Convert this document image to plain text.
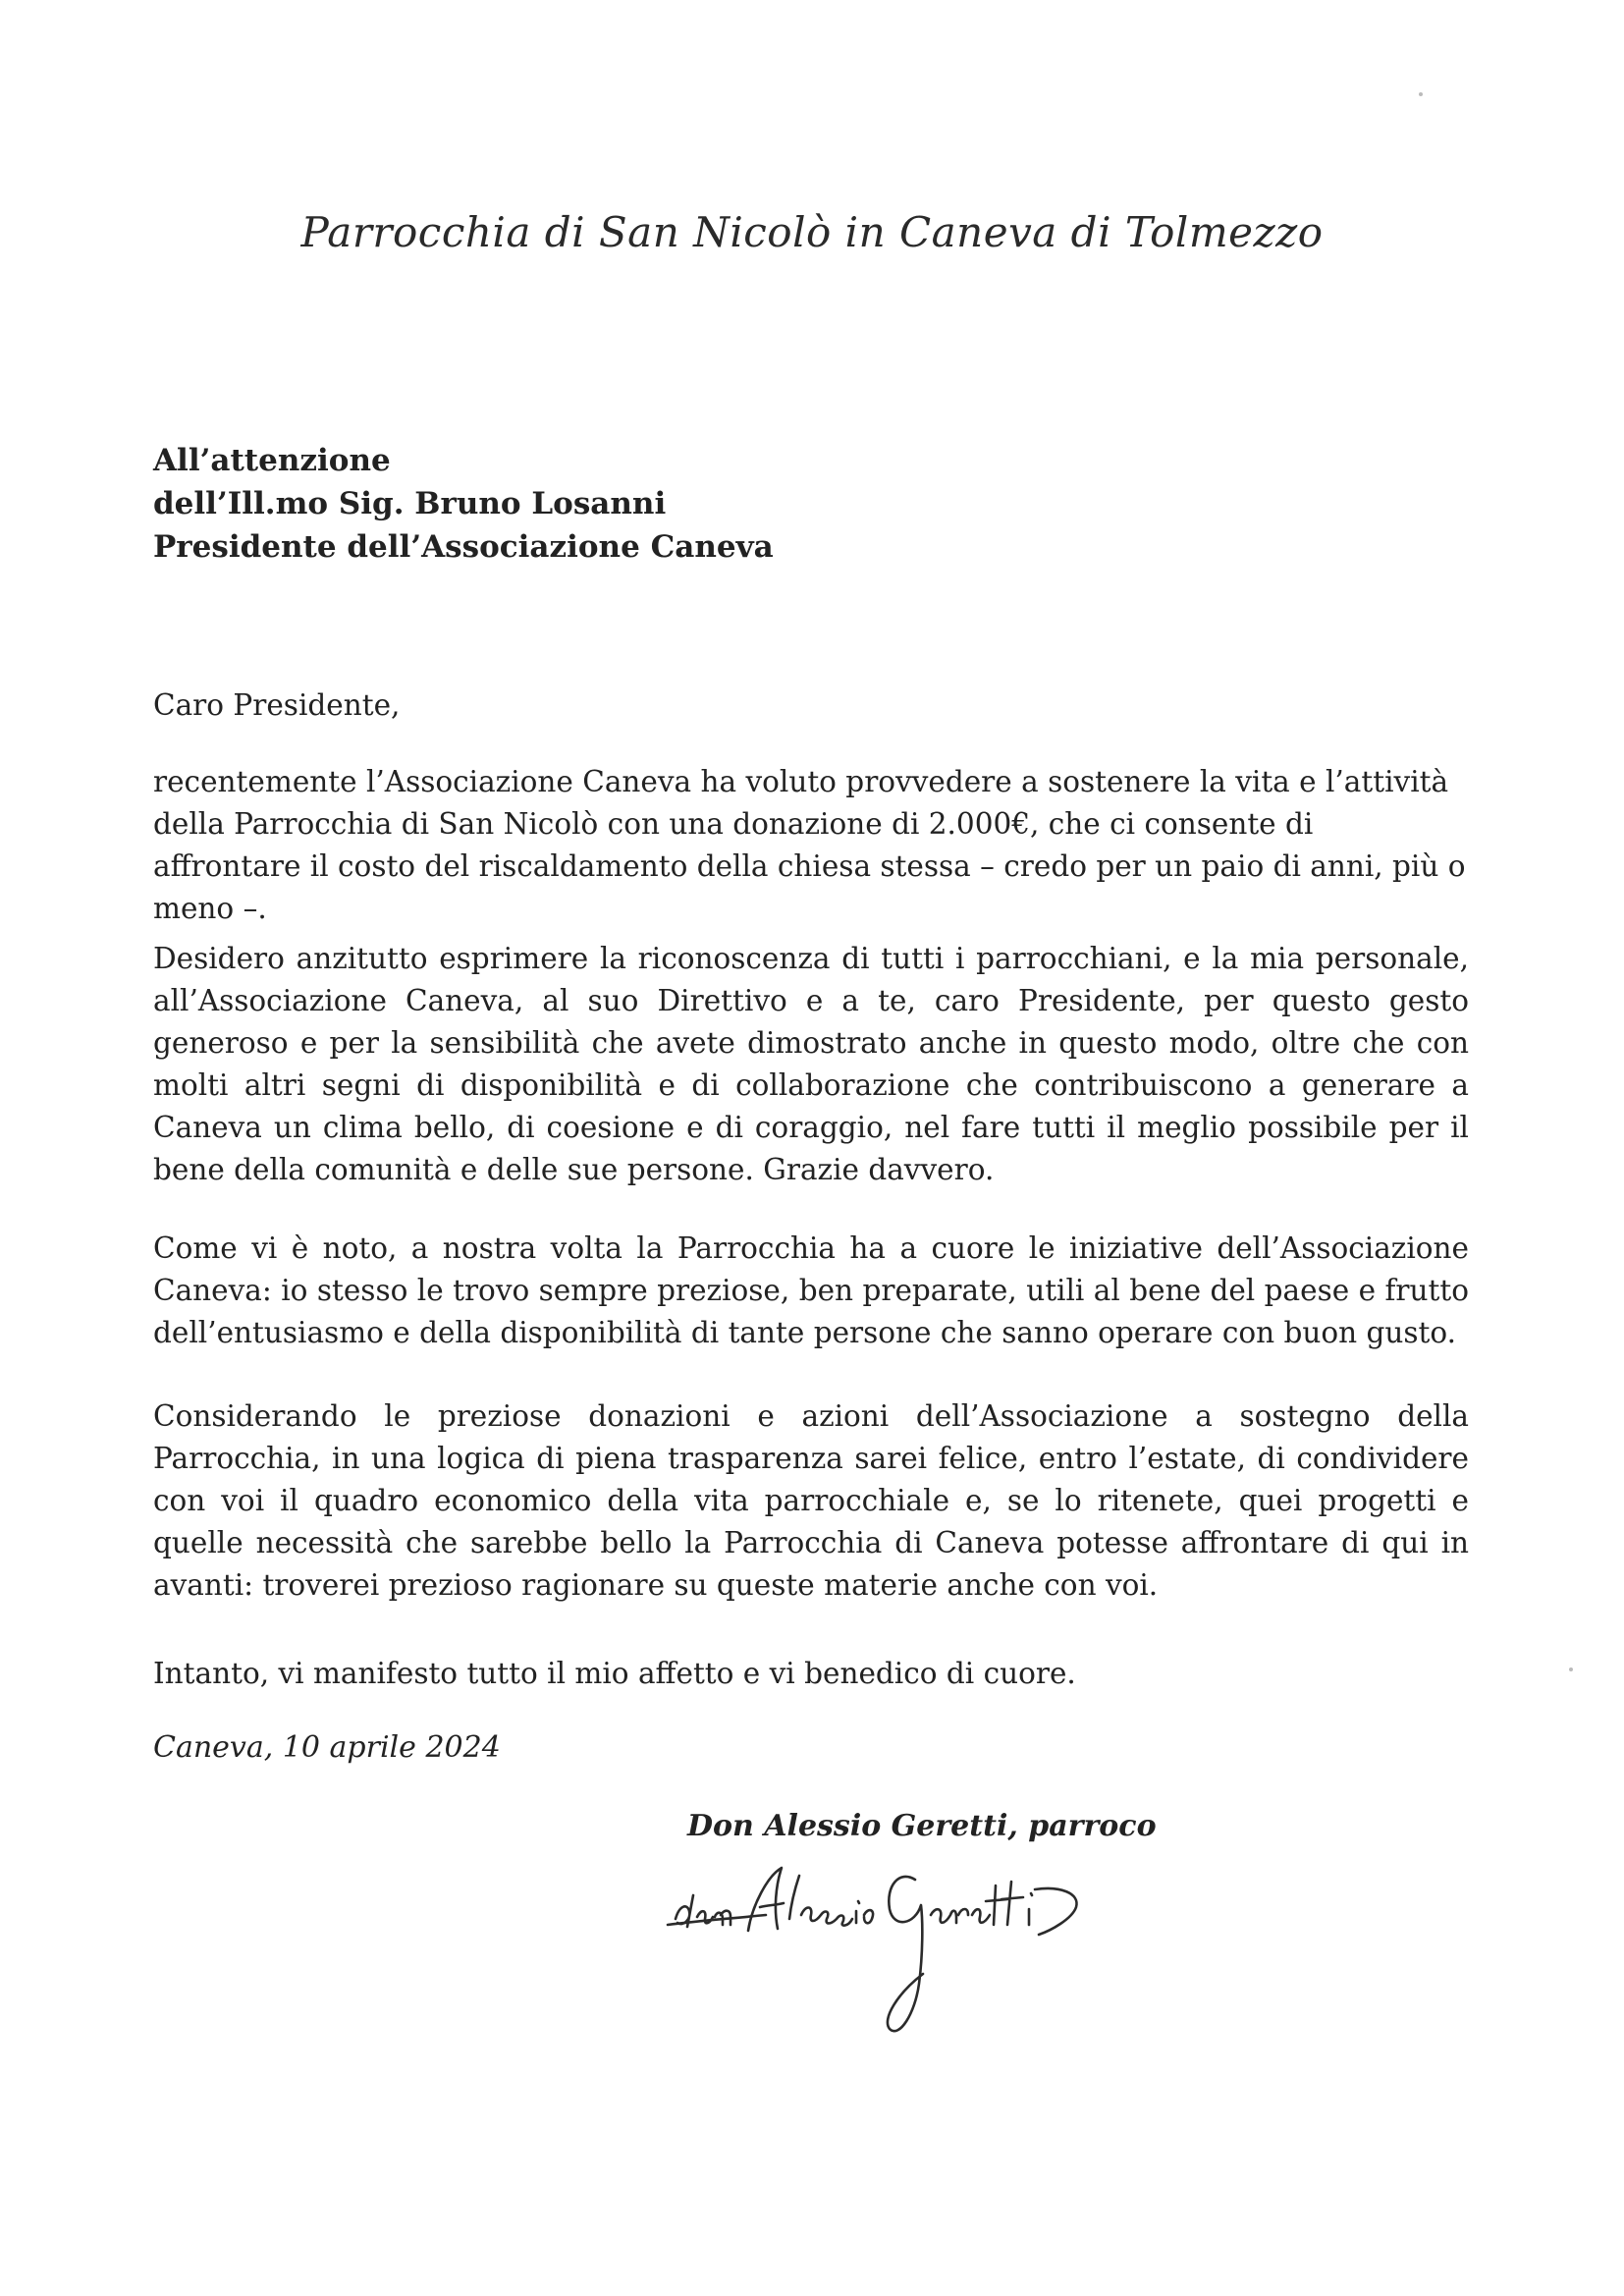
Parrocchia di San Nicolò in Caneva di Tolmezzo
All’attenzione
dell’Ill.mo Sig. Bruno Losanni
Presidente dell’Associazione Caneva
Caro Presidente,
recentemente l’Associazione Caneva ha voluto provvedere a sostenere la vita e l’attività della Parrocchia di San Nicolò con una donazione di 2.000€, che ci consente di affrontare il costo del riscaldamento della chiesa stessa – credo per un paio di anni, più o meno –.
Desidero anzitutto esprimere la riconoscenza di tutti i parrocchiani, e la mia personale, all’Associazione Caneva, al suo Direttivo e a te, caro Presidente, per questo gesto generoso e per la sensibilità che avete dimostrato anche in questo modo, oltre che con molti altri segni di disponibilità e di collaborazione che contribuiscono a generare a Caneva un clima bello, di coesione e di coraggio, nel fare tutti il meglio possibile per il bene della comunità e delle sue persone. Grazie davvero.
Come vi è noto, a nostra volta la Parrocchia ha a cuore le iniziative dell’Associazione Caneva: io stesso le trovo sempre preziose, ben preparate, utili al bene del paese e frutto dell’entusiasmo e della disponibilità di tante persone che sanno operare con buon gusto.
Considerando le preziose donazioni e azioni dell’Associazione a sostegno della Parrocchia, in una logica di piena trasparenza sarei felice, entro l’estate, di condividere con voi il quadro economico della vita parrocchiale e, se lo ritenete, quei progetti e quelle necessità che sarebbe bello la Parrocchia di Caneva potesse affrontare di qui in avanti: troverei prezioso ragionare su queste materie anche con voi.
Intanto, vi manifesto tutto il mio affetto e vi benedico di cuore.
Caneva, 10 aprile 2024
Don Alessio Geretti, parroco
